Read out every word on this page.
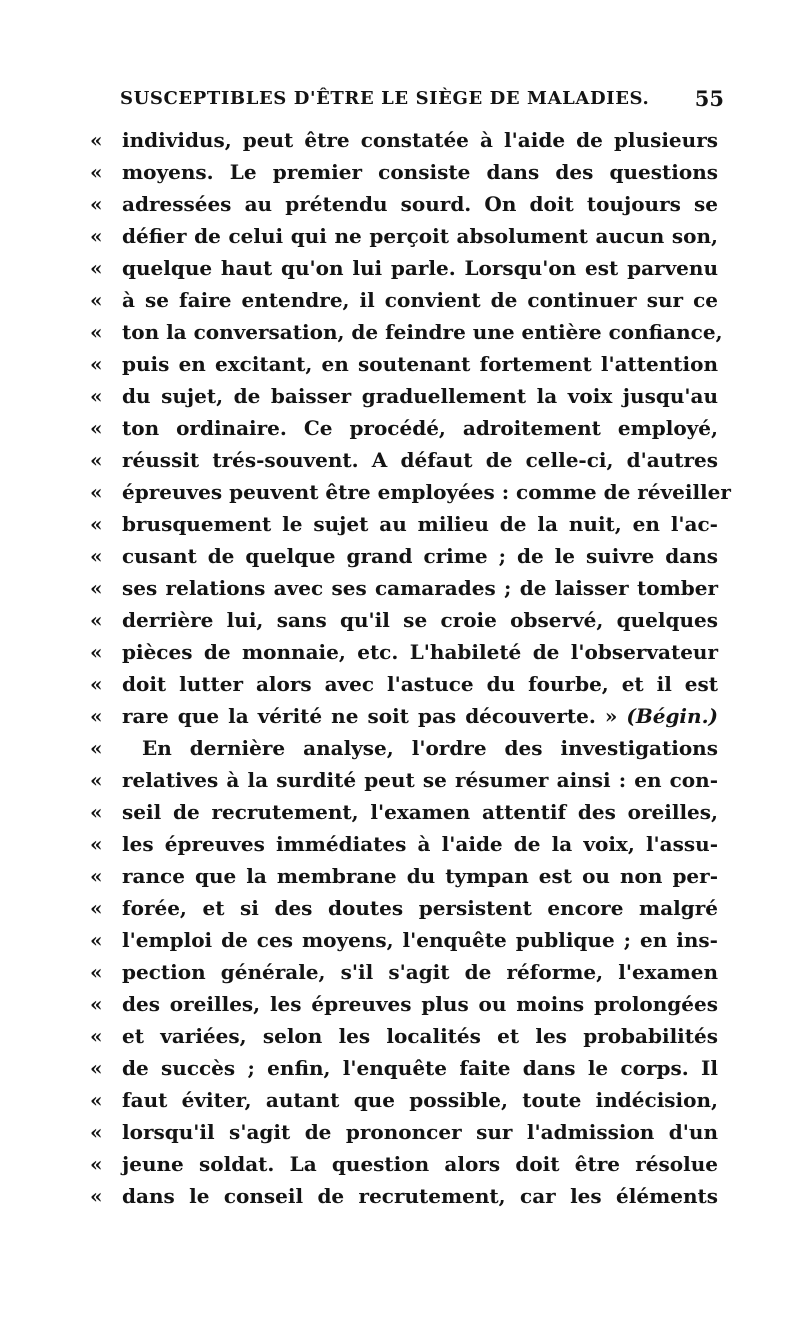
SUSCEPTIBLES D'ÊTRE LE SIÈGE DE MALADIES. 55
« individus, peut être constatée à l'aide de plusieurs
« moyens. Le premier consiste dans des questions
« adressées au prétendu sourd. On doit toujours se
« défier de celui qui ne perçoit absolument aucun son,
« quelque haut qu'on lui parle. Lorsqu'on est parvenu
« à se faire entendre, il convient de continuer sur ce
« ton la conversation, de feindre une entière confiance,
« puis en excitant, en soutenant fortement l'attention
« du sujet, de baisser graduellement la voix jusqu'au
« ton ordinaire. Ce procédé, adroitement employé,
« réussit trés-souvent. A défaut de celle-ci, d'autres
« épreuves peuvent être employées : comme de réveiller
« brusquement le sujet au milieu de la nuit, en l'ac-
« cusant de quelque grand crime ; de le suivre dans
« ses relations avec ses camarades ; de laisser tomber
« derrière lui, sans qu'il se croie observé, quelques
« pièces de monnaie, etc. L'habileté de l'observateur
« doit lutter alors avec l'astuce du fourbe, et il est
« rare que la vérité ne soit pas découverte. » (Bégin.)
«	En dernière analyse, l'ordre des investigations
« relatives à la surdité peut se résumer ainsi : en con-
« seil de recrutement, l'examen attentif des oreilles,
« les épreuves immédiates à l'aide de la voix, l'assu-
« rance que la membrane du tympan est ou non per-
« forée, et si des doutes persistent encore malgré
« l'emploi de ces moyens, l'enquête publique ; en ins-
« pection générale, s'il s'agit de réforme, l'examen
« des oreilles, les épreuves plus ou moins prolongées
« et variées, selon les localités et les probabilités
« de succès ; enfin, l'enquête faite dans le corps. Il
« faut éviter, autant que possible, toute indécision,
« lorsqu'il s'agit de prononcer sur l'admission d'un
« jeune soldat. La question alors doit être résolue
« dans le conseil de recrutement, car les éléments
